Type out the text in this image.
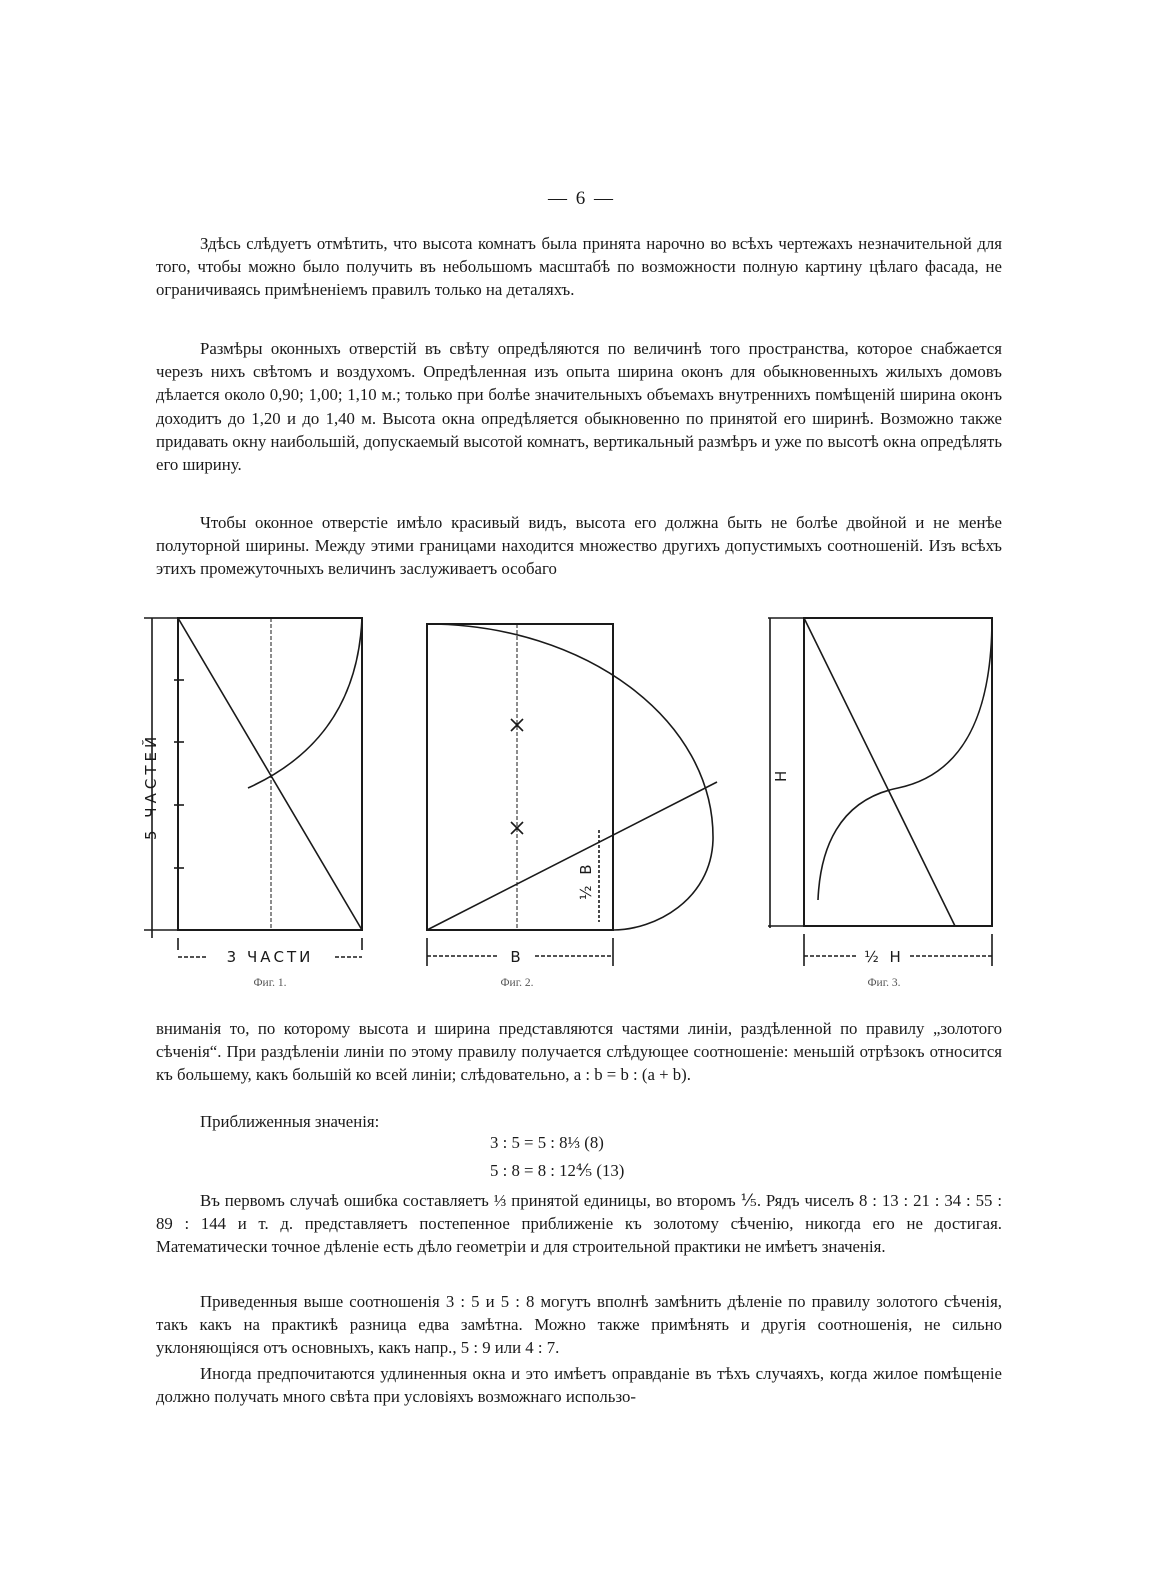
— 6 —

Здѣсь слѣдуетъ отмѣтить, что высота комнатъ была принята нарочно во всѣхъ чертежахъ незначительной для того, чтобы можно было получить въ небольшомъ масштабѣ по возможности полную картину цѣлаго фасада, не ограничиваясь примѣненіемъ правилъ только на деталяхъ.

Размѣры оконныхъ отверстій въ свѣту опредѣляются по величинѣ того пространства, которое снабжается черезъ нихъ свѣтомъ и воздухомъ. Опредѣленная изъ опыта ширина оконъ для обыкновенныхъ жилыхъ домовъ дѣлается около 0,90; 1,00; 1,10 м.; только при болѣе значительныхъ объемахъ внутреннихъ помѣщеній ширина оконъ доходитъ до 1,20 и до 1,40 м. Высота окна опредѣляется обыкновенно по принятой его ширинѣ. Возможно также придавать окну наибольшій, допускаемый высотой комнатъ, вертикальный размѣръ и уже по высотѣ окна опредѣлять его ширину.

Чтобы оконное отверстіе имѣло красивый видъ, высота его должна быть не болѣе двойной и не менѣе полуторной ширины. Между этими границами находится множество другихъ допустимыхъ соотношеній. Изъ всѣхъ этихъ промежуточныхъ величинъ заслуживаетъ особаго

5 ЧАСТЕЙ
3 ЧАСТИ
Фиг. 1.
½ B
B
Фиг. 2.
H
½ H
Фиг. 3.

вниманія то, по которому высота и ширина представляются частями линіи, раздѣленной по правилу „золотого сѣченія“. При раздѣленіи линіи по этому правилу получается слѣдующее соотношеніе: меньшій отрѣзокъ относится къ большему, какъ большій ко всей линіи; слѣдовательно, a : b = b : (a + b).

Приближенныя значенія:

3 : 5 = 5 : 8⅓ (8)
5 : 8 = 8 : 12⅘ (13)

Въ первомъ случаѣ ошибка составляетъ ⅓ принятой единицы, во второмъ ⅕. Рядъ чиселъ 8 : 13 : 21 : 34 : 55 : 89 : 144 и т. д. представляетъ постепенное приближеніе къ золотому сѣченію, никогда его не достигая. Математически точное дѣленіе есть дѣло геометріи и для строительной практики не имѣетъ значенія.

Приведенныя выше соотношенія 3 : 5 и 5 : 8 могутъ вполнѣ замѣнить дѣленіе по правилу золотого сѣченія, такъ какъ на практикѣ разница едва замѣтна. Можно также примѣнять и другія соотношенія, не сильно уклоняющіяся отъ основныхъ, какъ напр., 5 : 9 или 4 : 7.

Иногда предпочитаются удлиненныя окна и это имѣетъ оправданіе въ тѣхъ случаяхъ, когда жилое помѣщеніе должно получать много свѣта при условіяхъ возможнаго использо-
